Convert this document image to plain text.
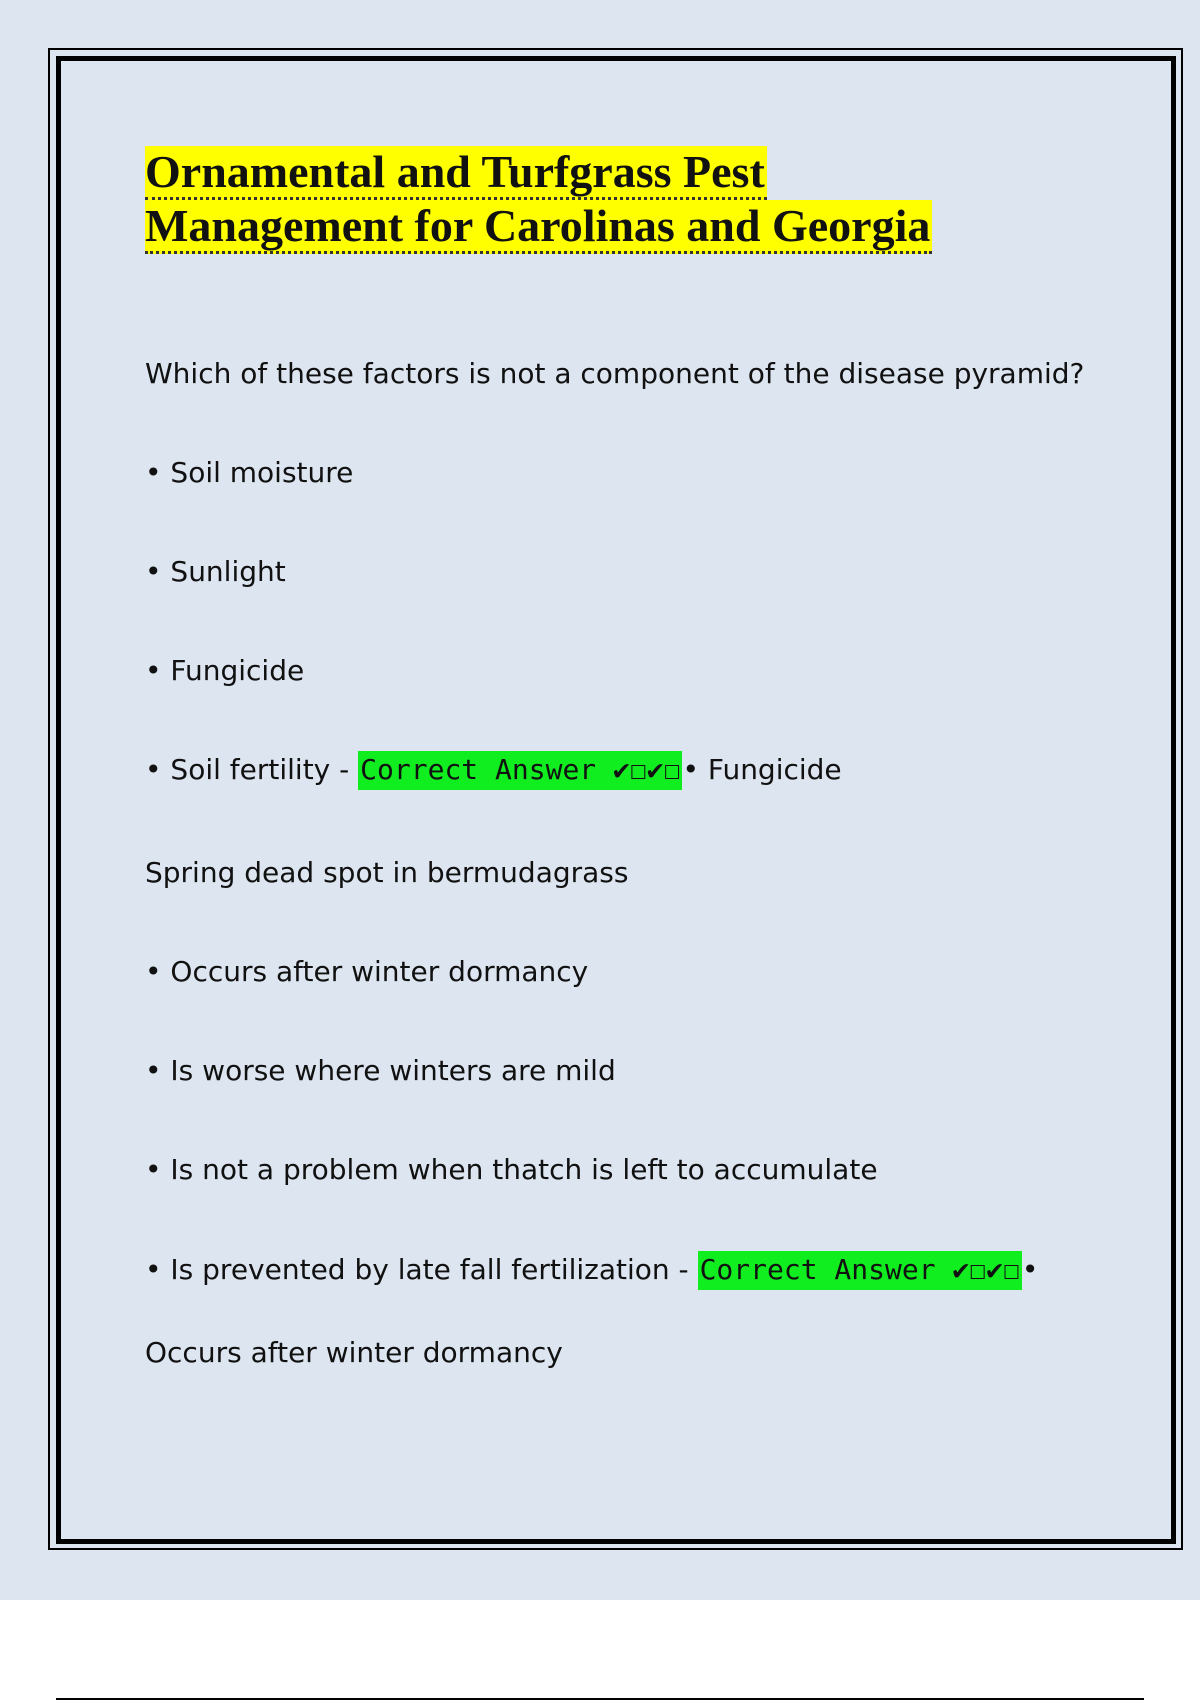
Ornamental and Turfgrass Pest
Management for Carolinas and Georgia
Which of these factors is not a component of the disease pyramid?
• Soil moisture
• Sunlight
• Fungicide
• Soil fertility - Correct Answer ✔☐✔☐• Fungicide
Spring dead spot in bermudagrass
• Occurs after winter dormancy
• Is worse where winters are mild
• Is not a problem when thatch is left to accumulate
• Is prevented by late fall fertilization - Correct Answer ✔☐✔☐•
Occurs after winter dormancy
